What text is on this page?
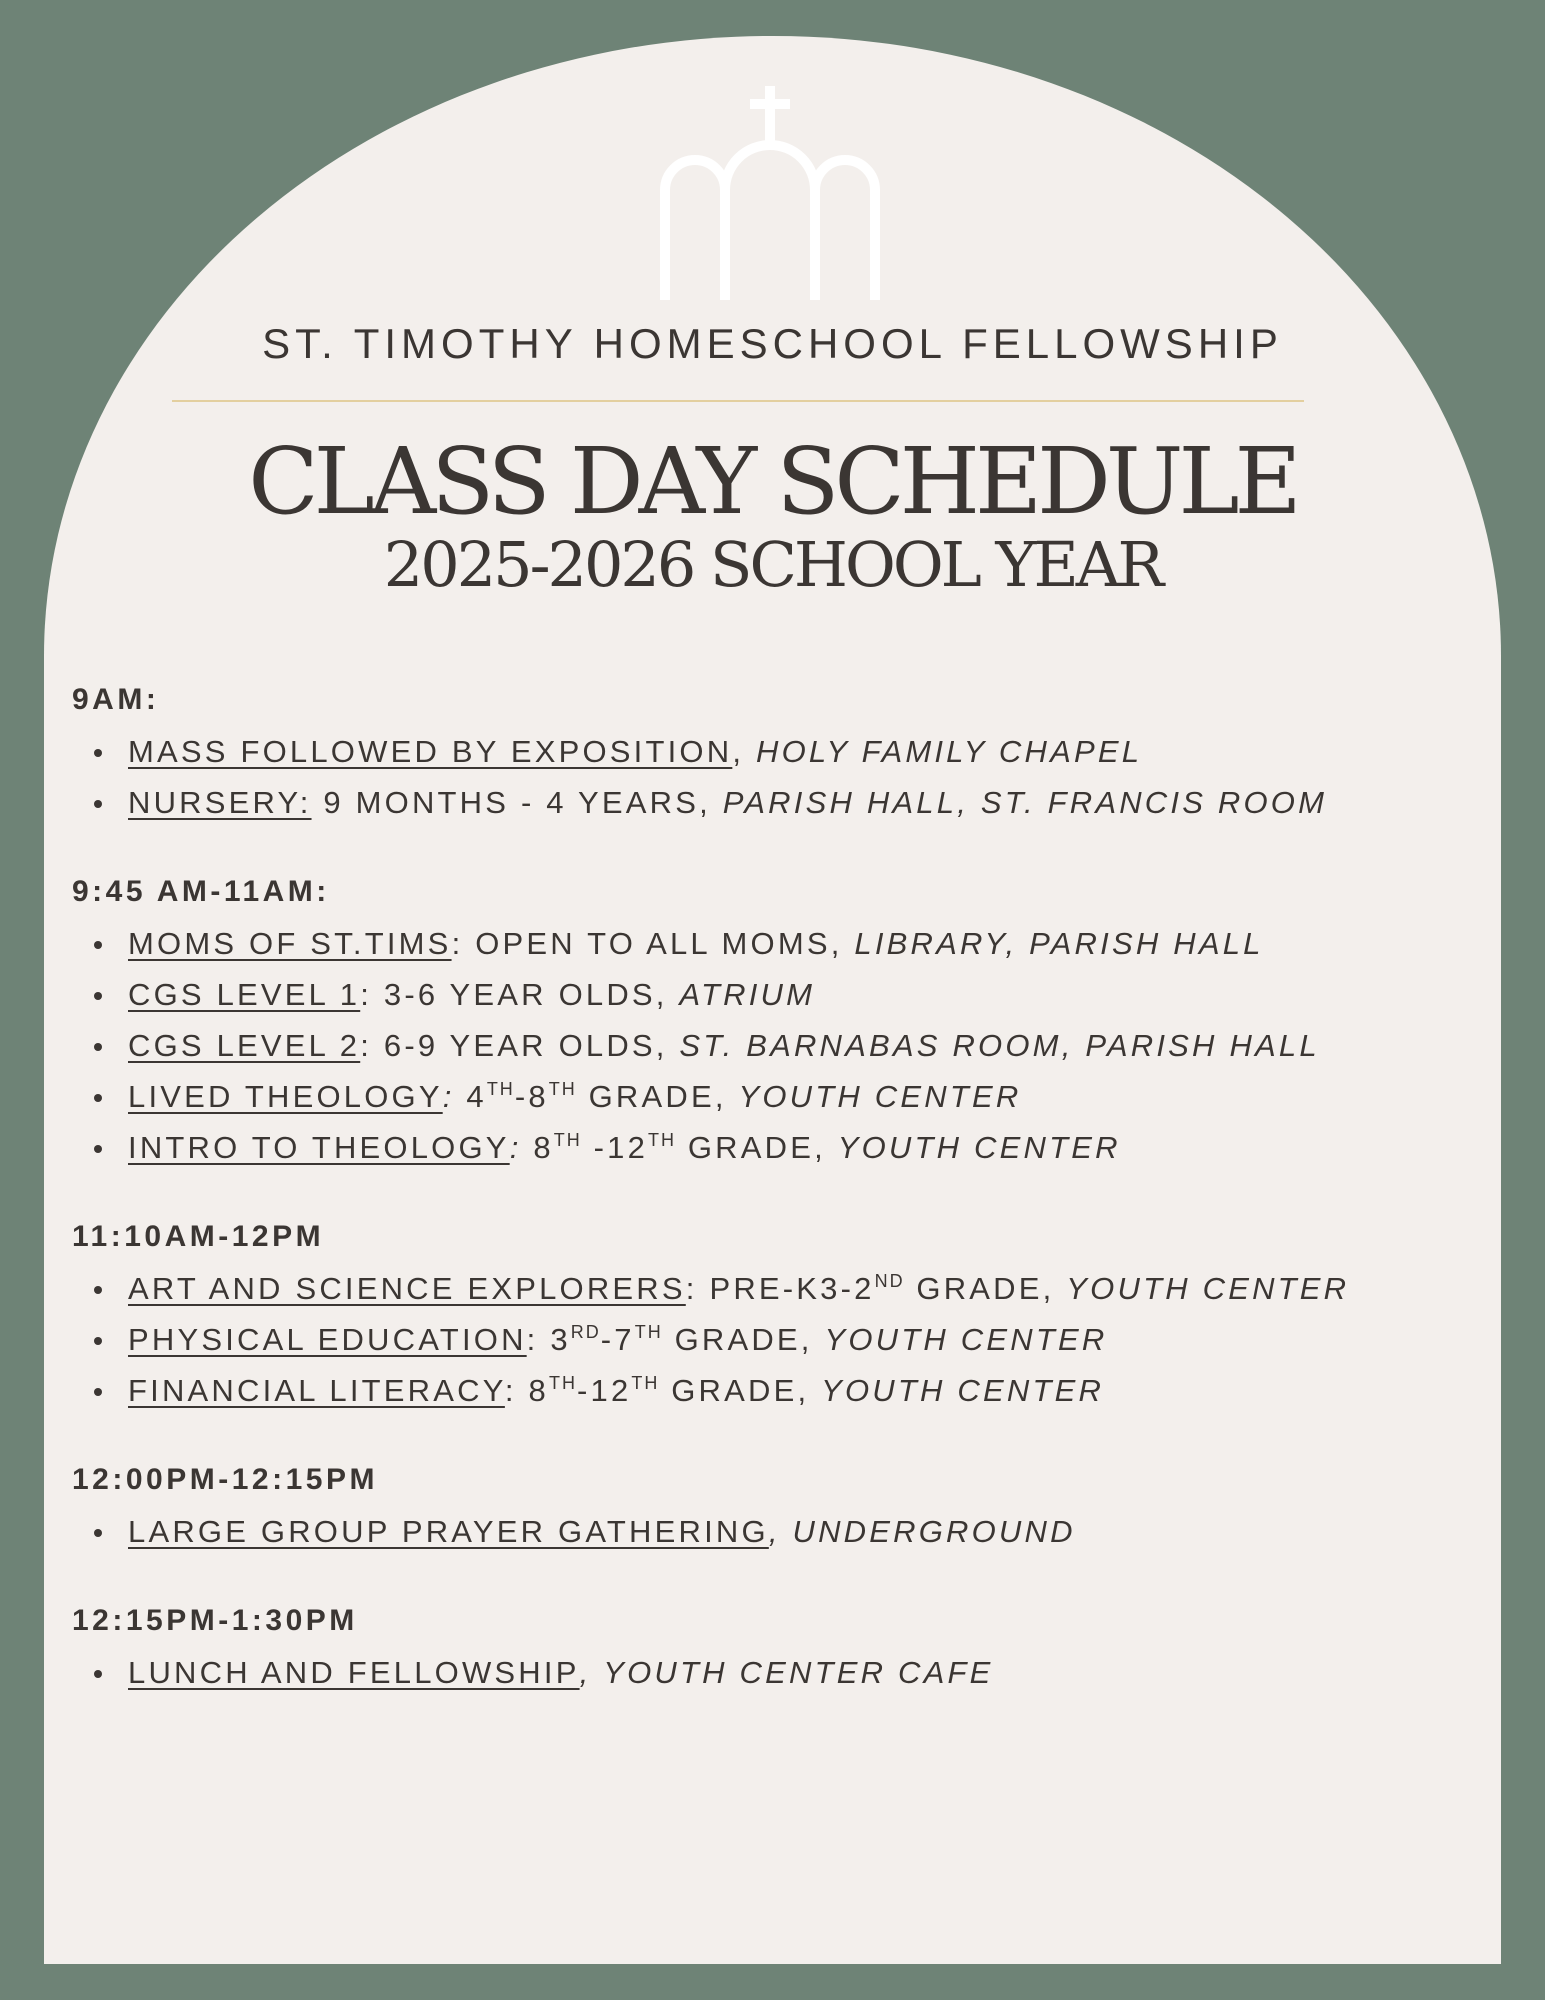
ST. TIMOTHY HOMESCHOOL FELLOWSHIP
CLASS DAY SCHEDULE
2025-2026 SCHOOL YEAR
9AM:
MASS FOLLOWED BY EXPOSITION, HOLY FAMILY CHAPEL
NURSERY: 9 MONTHS - 4 YEARS, PARISH HALL, ST. FRANCIS ROOM
9:45 AM-11AM:
MOMS OF ST.TIMS: OPEN TO ALL MOMS, LIBRARY, PARISH HALL
CGS LEVEL 1: 3-6 YEAR OLDS, ATRIUM
CGS LEVEL 2: 6-9 YEAR OLDS, ST. BARNABAS ROOM, PARISH HALL
LIVED THEOLOGY: 4TH-8TH GRADE, YOUTH CENTER
INTRO TO THEOLOGY: 8TH -12TH GRADE, YOUTH CENTER
11:10AM-12PM
ART AND SCIENCE EXPLORERS: PRE-K3-2ND GRADE, YOUTH CENTER
PHYSICAL EDUCATION: 3RD-7TH GRADE, YOUTH CENTER
FINANCIAL LITERACY: 8TH-12TH GRADE, YOUTH CENTER
12:00PM-12:15PM
LARGE GROUP PRAYER GATHERING, UNDERGROUND
12:15PM-1:30PM
LUNCH AND FELLOWSHIP, YOUTH CENTER CAFE
